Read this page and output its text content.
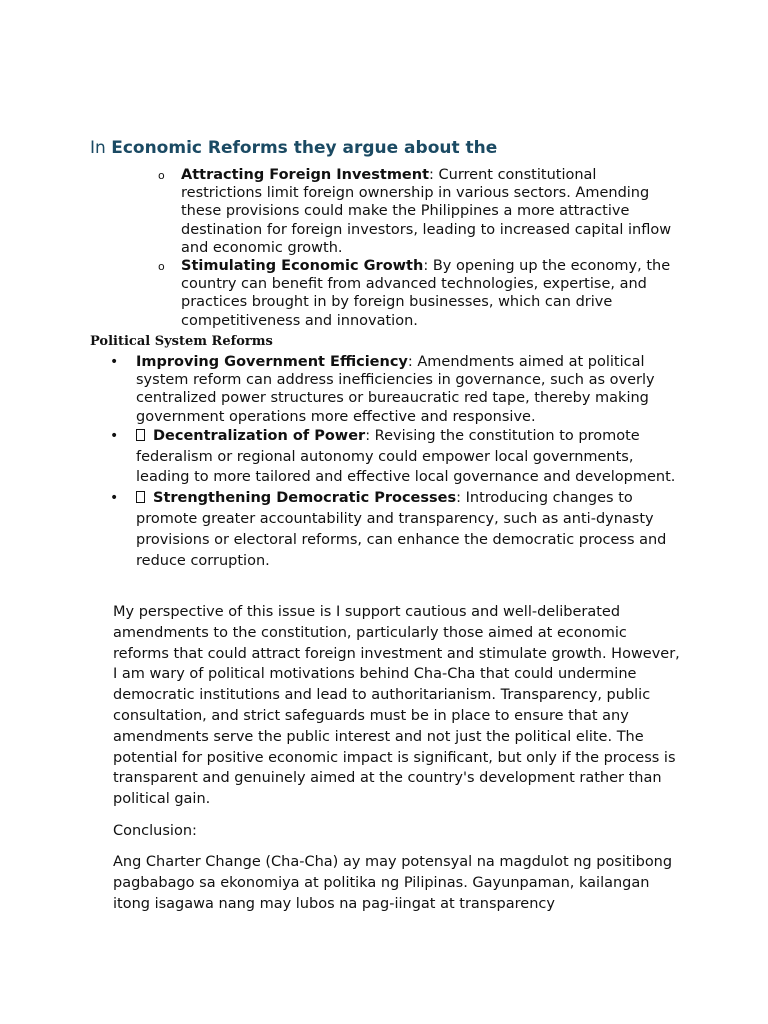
In Economic Reforms they argue about the
o Attracting Foreign Investment: Current constitutional restrictions limit foreign ownership in various sectors. Amending these provisions could make the Philippines a more attractive destination for foreign investors, leading to increased capital inflow and economic growth.
o Stimulating Economic Growth: By opening up the economy, the country can benefit from advanced technologies, expertise, and practices brought in by foreign businesses, which can drive competitiveness and innovation.
Political System Reforms
• Improving Government Efficiency: Amendments aimed at political system reform can address inefficiencies in governance, such as overly centralized power structures or bureaucratic red tape, thereby making government operations more effective and responsive.
• Decentralization of Power: Revising the constitution to promote federalism or regional autonomy could empower local governments, leading to more tailored and effective local governance and development.
• Strengthening Democratic Processes: Introducing changes to promote greater accountability and transparency, such as anti-dynasty provisions or electoral reforms, can enhance the democratic process and reduce corruption.

My perspective of this issue is I support cautious and well-deliberated amendments to the constitution, particularly those aimed at economic reforms that could attract foreign investment and stimulate growth. However, I am wary of political motivations behind Cha-Cha that could undermine democratic institutions and lead to authoritarianism. Transparency, public consultation, and strict safeguards must be in place to ensure that any amendments serve the public interest and not just the political elite. The potential for positive economic impact is significant, but only if the process is transparent and genuinely aimed at the country's development rather than political gain.

Conclusion:

Ang Charter Change (Cha-Cha) ay may potensyal na magdulot ng positibong pagbabago sa ekonomiya at politika ng Pilipinas. Gayunpaman, kailangan itong isagawa nang may lubos na pag-iingat at transparency
